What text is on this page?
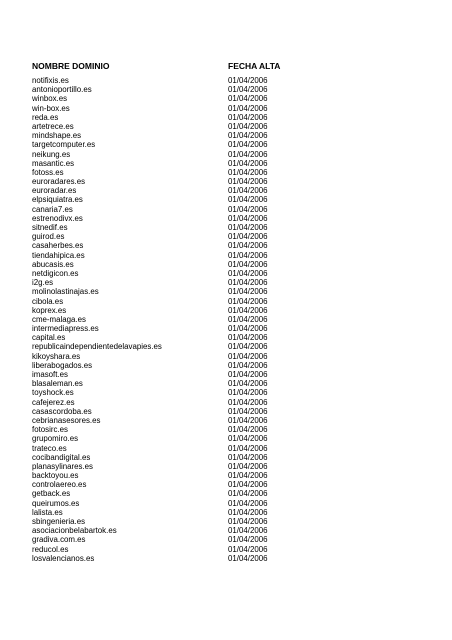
NOMBRE DOMINIO	FECHA ALTA
notifixis.es	01/04/2006
antonioportillo.es	01/04/2006
winbox.es	01/04/2006
win-box.es	01/04/2006
reda.es	01/04/2006
artetrece.es	01/04/2006
mindshape.es	01/04/2006
targetcomputer.es	01/04/2006
neikung.es	01/04/2006
masantic.es	01/04/2006
fotoss.es	01/04/2006
euroradares.es	01/04/2006
euroradar.es	01/04/2006
elpsiquiatra.es	01/04/2006
canaria7.es	01/04/2006
estrenodivx.es	01/04/2006
sitnedif.es	01/04/2006
guirod.es	01/04/2006
casaherbes.es	01/04/2006
tiendahipica.es	01/04/2006
abucasis.es	01/04/2006
netdigicon.es	01/04/2006
i2g.es	01/04/2006
molinolastinajas.es	01/04/2006
cibola.es	01/04/2006
koprex.es	01/04/2006
cme-malaga.es	01/04/2006
intermediapress.es	01/04/2006
capital.es	01/04/2006
republicaindependientedelavapies.es	01/04/2006
kikoyshara.es	01/04/2006
liberabogados.es	01/04/2006
imasoft.es	01/04/2006
blasaleman.es	01/04/2006
toyshock.es	01/04/2006
cafejerez.es	01/04/2006
casascordoba.es	01/04/2006
cebrianasesores.es	01/04/2006
fotosirc.es	01/04/2006
grupomiro.es	01/04/2006
trateco.es	01/04/2006
cocibandigital.es	01/04/2006
planasylinares.es	01/04/2006
backtoyou.es	01/04/2006
controlaereo.es	01/04/2006
getback.es	01/04/2006
queirumos.es	01/04/2006
lalista.es	01/04/2006
sbingenieria.es	01/04/2006
asociacionbelabartok.es	01/04/2006
gradiva.com.es	01/04/2006
reducol.es	01/04/2006
losvalencianos.es	01/04/2006
